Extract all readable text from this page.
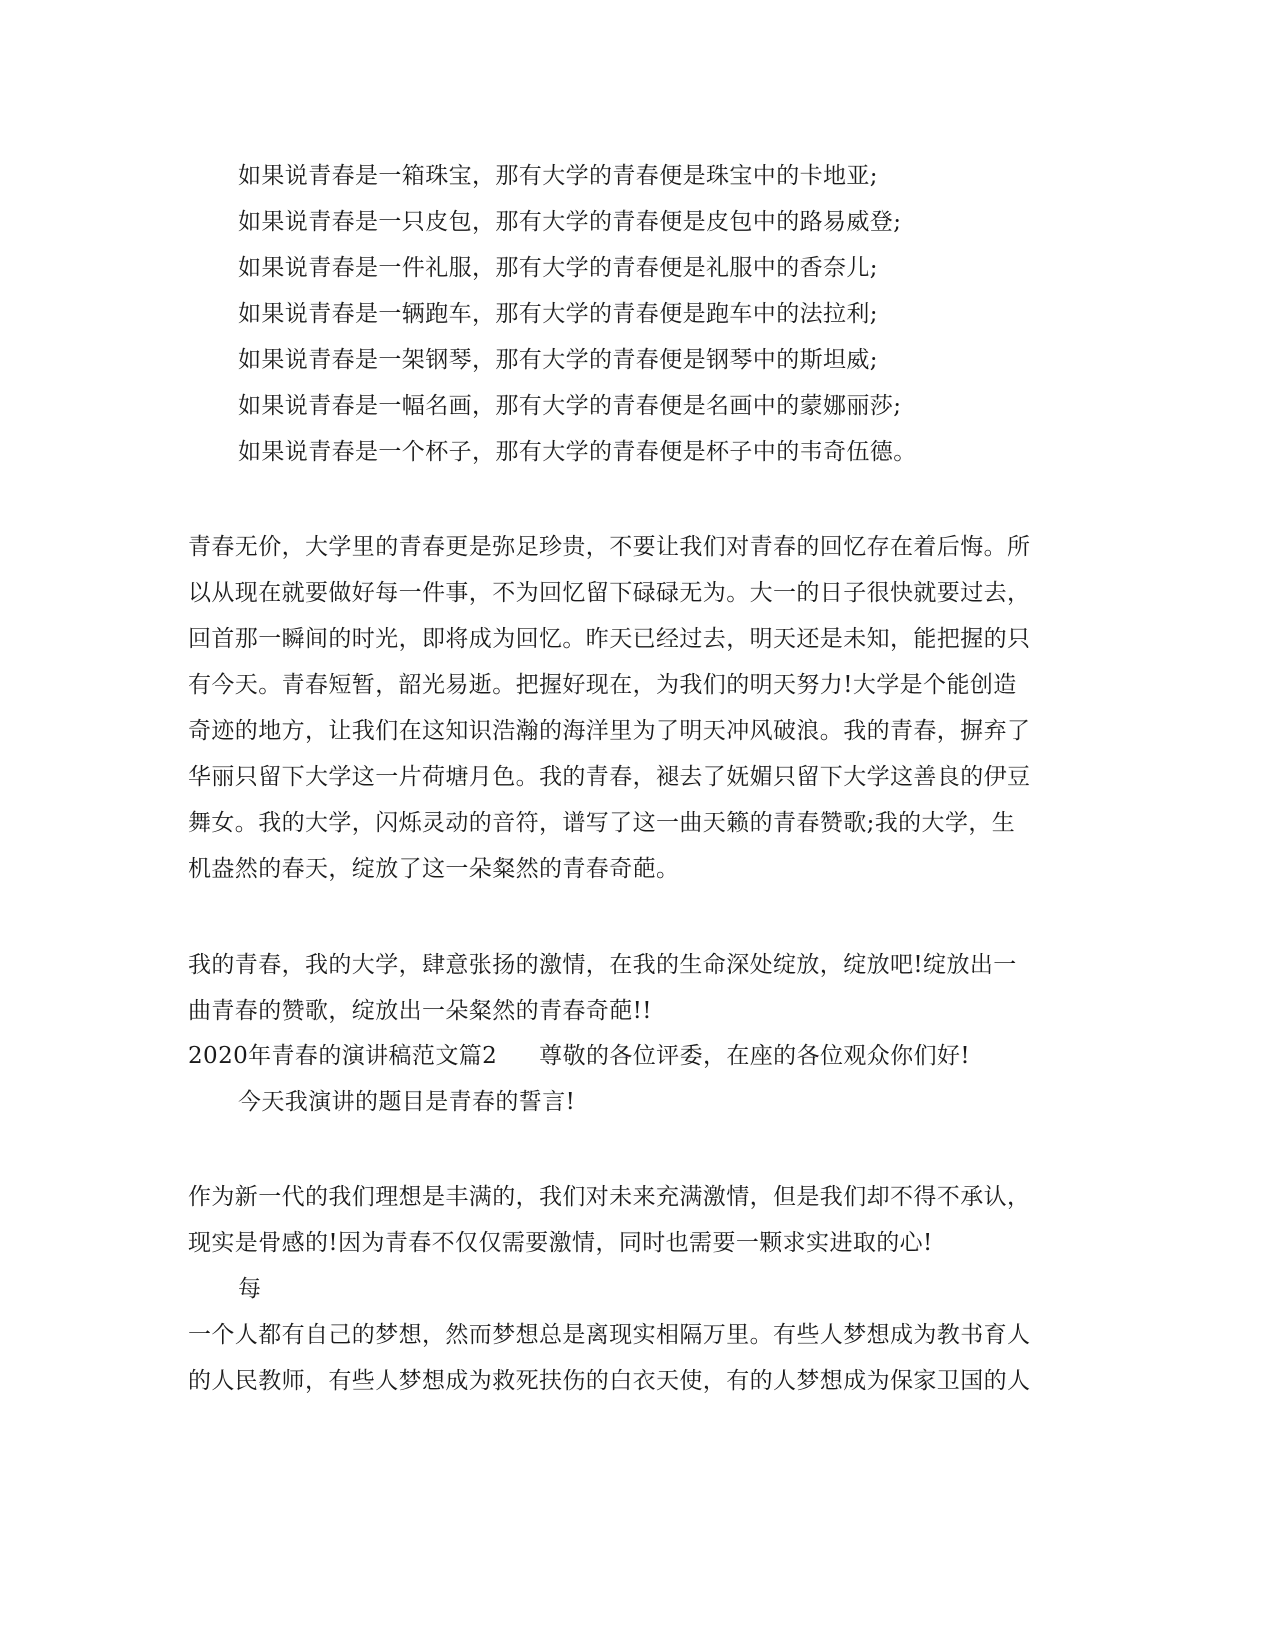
如果说青春是一箱珠宝，那有大学的青春便是珠宝中的卡地亚;
如果说青春是一只皮包，那有大学的青春便是皮包中的路易威登;
如果说青春是一件礼服，那有大学的青春便是礼服中的香奈儿;
如果说青春是一辆跑车，那有大学的青春便是跑车中的法拉利;
如果说青春是一架钢琴，那有大学的青春便是钢琴中的斯坦威;
如果说青春是一幅名画，那有大学的青春便是名画中的蒙娜丽莎;
如果说青春是一个杯子，那有大学的青春便是杯子中的韦奇伍德。
青春无价，大学里的青春更是弥足珍贵，不要让我们对青春的回忆存在着后悔。所
以从现在就要做好每一件事，不为回忆留下碌碌无为。大一的日子很快就要过去，
回首那一瞬间的时光，即将成为回忆。昨天已经过去，明天还是未知，能把握的只
有今天。青春短暂，韶光易逝。把握好现在，为我们的明天努力!大学是个能创造
奇迹的地方，让我们在这知识浩瀚的海洋里为了明天冲风破浪。我的青春，摒弃了
华丽只留下大学这一片荷塘月色。我的青春，褪去了妩媚只留下大学这善良的伊豆
舞女。我的大学，闪烁灵动的音符，谱写了这一曲天籁的青春赞歌;我的大学，生
机盎然的春天，绽放了这一朵粲然的青春奇葩。
我的青春，我的大学，肆意张扬的激情，在我的生命深处绽放，绽放吧!绽放出一
曲青春的赞歌，绽放出一朵粲然的青春奇葩!!
2020年青春的演讲稿范文篇2 尊敬的各位评委，在座的各位观众你们好!
今天我演讲的题目是青春的誓言!
作为新一代的我们理想是丰满的，我们对未来充满激情，但是我们却不得不承认，
现实是骨感的!因为青春不仅仅需要激情，同时也需要一颗求实进取的心!
每
一个人都有自己的梦想，然而梦想总是离现实相隔万里。有些人梦想成为教书育人
的人民教师，有些人梦想成为救死扶伤的白衣天使，有的人梦想成为保家卫国的人
